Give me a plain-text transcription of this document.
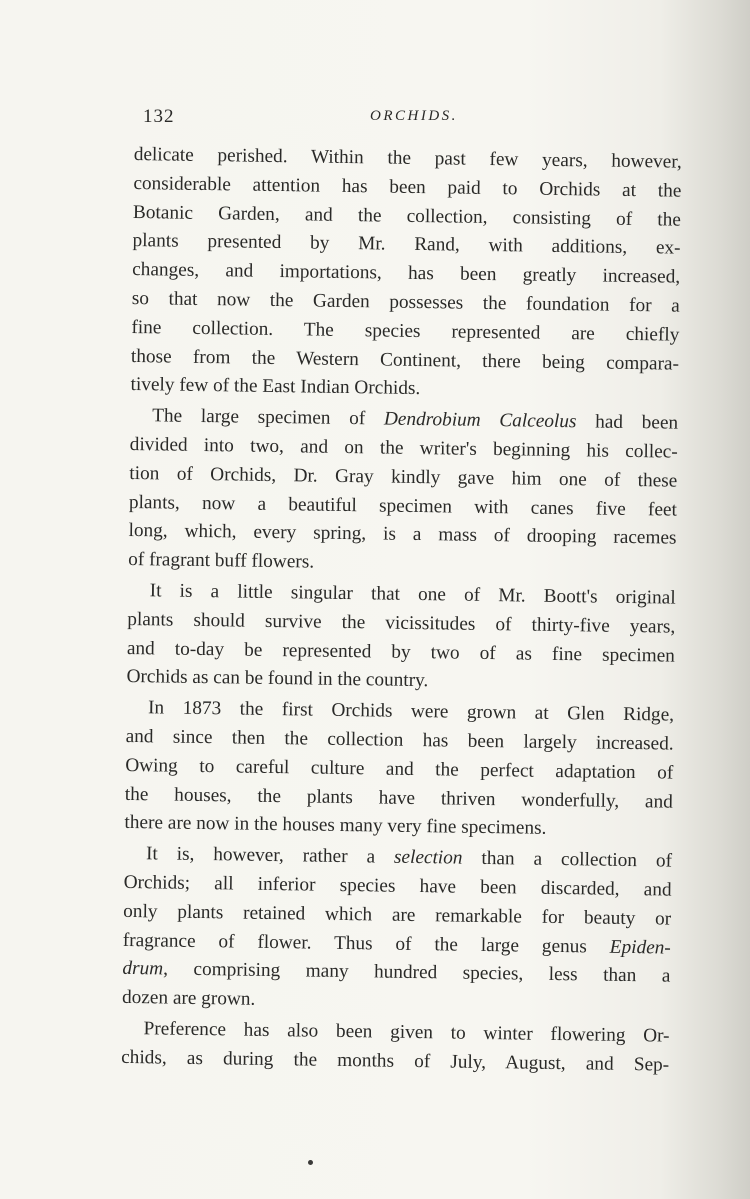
132	ORCHIDS.

delicate perished. Within the past few years, however,
considerable attention has been paid to Orchids at the
Botanic Garden, and the collection, consisting of the
plants presented by Mr. Rand, with additions, ex-
changes, and importations, has been greatly increased,
so that now the Garden possesses the foundation for a
fine collection. The species represented are chiefly
those from the Western Continent, there being compara-
tively few of the East Indian Orchids.

The large specimen of Dendrobium Calceolus had been
divided into two, and on the writer's beginning his collec-
tion of Orchids, Dr. Gray kindly gave him one of these
plants, now a beautiful specimen with canes five feet
long, which, every spring, is a mass of drooping racemes
of fragrant buff flowers.

It is a little singular that one of Mr. Boott's original
plants should survive the vicissitudes of thirty-five years,
and to-day be represented by two of as fine specimen
Orchids as can be found in the country.

In 1873 the first Orchids were grown at Glen Ridge,
and since then the collection has been largely increased.
Owing to careful culture and the perfect adaptation of
the houses, the plants have thriven wonderfully, and
there are now in the houses many very fine specimens.

It is, however, rather a selection than a collection of
Orchids; all inferior species have been discarded, and
only plants retained which are remarkable for beauty or
fragrance of flower. Thus of the large genus Epiden-
drum, comprising many hundred species, less than a
dozen are grown.

Preference has also been given to winter flowering Or-
chids, as during the months of July, August, and Sep-
